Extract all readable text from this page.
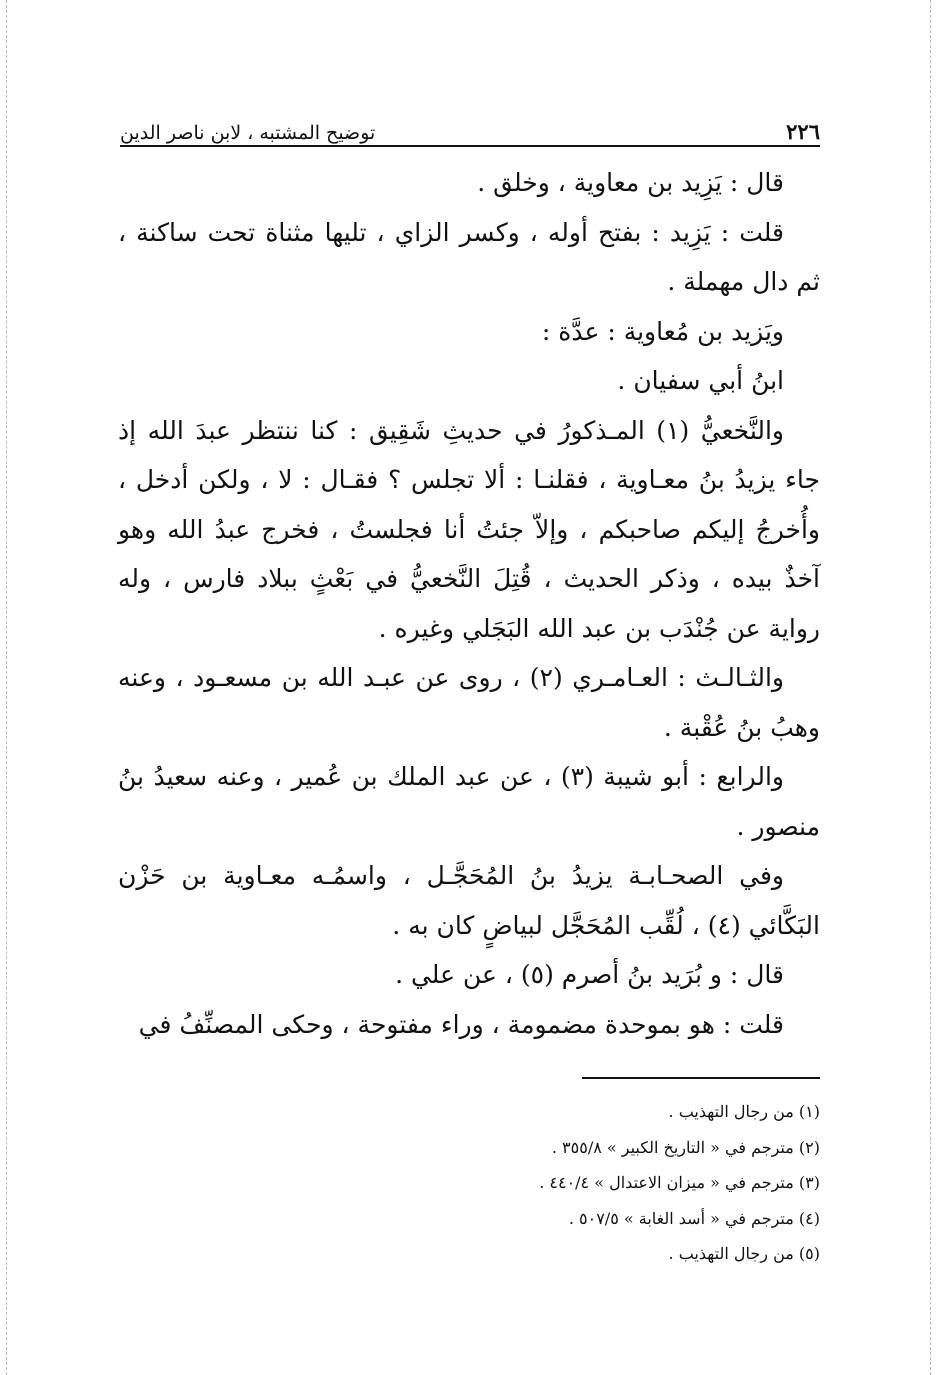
٢٢٦
توضيح المشتبه ، لابن ناصر الدين

قال : يَزِيد بن معاوية ، وخلق .

قلت : يَزِيد : بفتح أوله ، وكسر الزاي ، تليها مثناة تحت ساكنة ، ثم دال مهملة .

ويَزيد بن مُعاوية : عدَّة :

ابنُ أبي سفيان .

والنَّخعيُّ (١) المـذكورُ في حديثِ شَقِيق : كنا ننتظر عبدَ الله إذ جاء يزيدُ بنُ معـاوية ، فقلنـا : ألا تجلس ؟ فقـال : لا ، ولكن أدخل ، وأُخرجُ إليكم صاحبكم ، وإلاّ جئتُ أنا فجلستُ ، فخرج عبدُ الله وهو آخذٌ بيده ، وذكر الحديث ، قُتِلَ النَّخعيُّ في بَعْثٍ ببلاد فارس ، وله رواية عن جُنْدَب بن عبد الله البَجَلي وغيره .

والثـالـث : العـامـري (٢) ، روى عن عبـد الله بن مسعـود ، وعنه وهبُ بنُ عُقْبة .

والرابع : أبو شيبة (٣) ، عن عبد الملك بن عُمير ، وعنه سعيدُ بنُ منصور .

وفي الصحـابـة يزيدُ بنُ المُحَجَّـل ، واسمُـه معـاوية بن حَزْن البَكَّائي (٤) ، لُقِّب المُحَجَّل لبياضٍ كان به .

قال : و بُرَيد بنُ أصرم (٥) ، عن علي .

قلت : هو بموحدة مضمومة ، وراء مفتوحة ، وحكى المصنِّفُ في

(١) من رجال التهذيب .
(٢) مترجم في « التاريخ الكبير » ٣٥٥/٨ .
(٣) مترجم في « ميزان الاعتدال » ٤٤٠/٤ .
(٤) مترجم في « أسد الغابة » ٥٠٧/٥ .
(٥) من رجال التهذيب .
